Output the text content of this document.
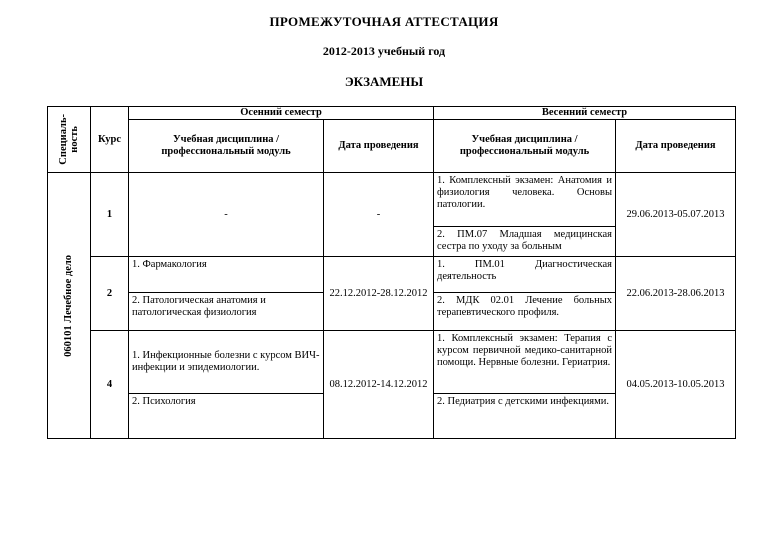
ПРОМЕЖУТОЧНАЯ АТТЕСТАЦИЯ
2012-2013 учебный год
ЭКЗАМЕНЫ
Специаль-
ность	Курс	Осенний семестр		Весенний семестр	
		Учебная дисциплина /профессиональный модуль	Дата проведения	Учебная дисциплина /профессиональный модуль	Дата проведения

060101 Лечебное дело	1	-	-	1. Комплексный экзамен: Анатомия и физиология человека. Основы патологии.	29.06.2013-05.07.2013
				2. ПМ.07 Младшая медицинская сестра по уходу за больным	
	2	1. Фармакология	22.12.2012-28.12.2012	1. ПМ.01 Диагностическая деятельность	22.06.2013-28.06.2013
		2. Патологическая анатомия и патологическая физиология		2. МДК 02.01 Лечение больных терапевтического профиля.	
	4	1. Инфекционные болезни с курсом ВИЧ-инфекции и эпидемиологии.	08.12.2012-14.12.2012	1. Комплексный экзамен: Терапия с курсом первичной медико-санитарной помощи. Нервные болезни. Гериатрия.	04.05.2013-10.05.2013
		2. Психология		2. Педиатрия с детскими инфекциями.	
